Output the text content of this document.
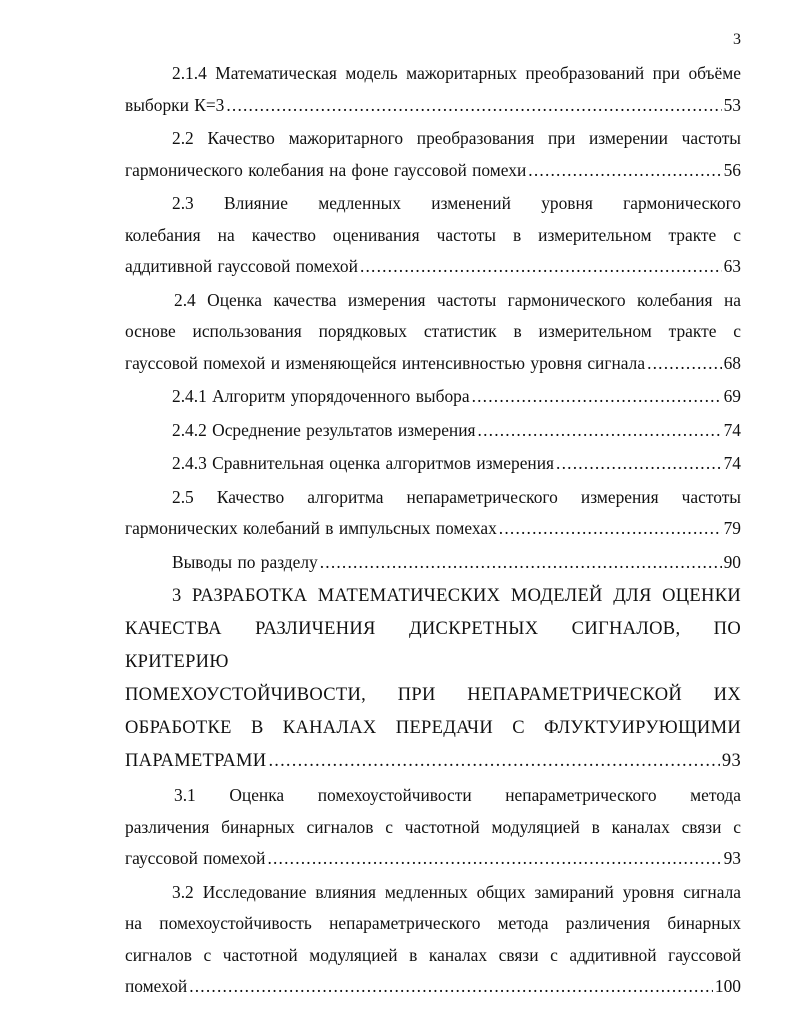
3
2.1.4 Математическая модель мажоритарных преобразований при объёме
выборки К=3 .....	53
2.2 Качество мажоритарного преобразования при измерении частоты
гармонического колебания на фоне гауссовой помехи .....	56
2.3 Влияние медленных изменений уровня гармонического
колебания на качество оценивания частоты в измерительном тракте с
аддитивной гауссовой помехой .....	63
2.4 Оценка качества измерения частоты гармонического колебания на
основе использования порядковых статистик в измерительном тракте с
гауссовой помехой и изменяющейся интенсивностью уровня сигнала .....	68
2.4.1 Алгоритм упорядоченного выбора .....	69
2.4.2 Осреднение результатов измерения .....	74
2.4.3 Сравнительная оценка алгоритмов измерения .....	74
2.5 Качество алгоритма непараметрического измерения частоты
гармонических колебаний в импульсных помехах .....	79
Выводы по разделу .....	90
3 РАЗРАБОТКА МАТЕМАТИЧЕСКИХ МОДЕЛЕЙ ДЛЯ ОЦЕНКИ
КАЧЕСТВА РАЗЛИЧЕНИЯ ДИСКРЕТНЫХ СИГНАЛОВ, ПО КРИТЕРИЮ
ПОМЕХОУСТОЙЧИВОСТИ, ПРИ НЕПАРАМЕТРИЧЕСКОЙ ИХ
ОБРАБОТКЕ В КАНАЛАХ ПЕРЕДАЧИ С ФЛУКТУИРУЮЩИМИ
ПАРАМЕТРАМИ .....	93
3.1 Оценка помехоустойчивости непараметрического метода
различения бинарных сигналов с частотной модуляцией в каналах связи с
гауссовой помехой .....	93
3.2 Исследование влияния медленных общих замираний уровня сигнала
на помехоустойчивость непараметрического метода различения бинарных
сигналов с частотной модуляцией в каналах связи с аддитивной гауссовой
помехой .....	100
